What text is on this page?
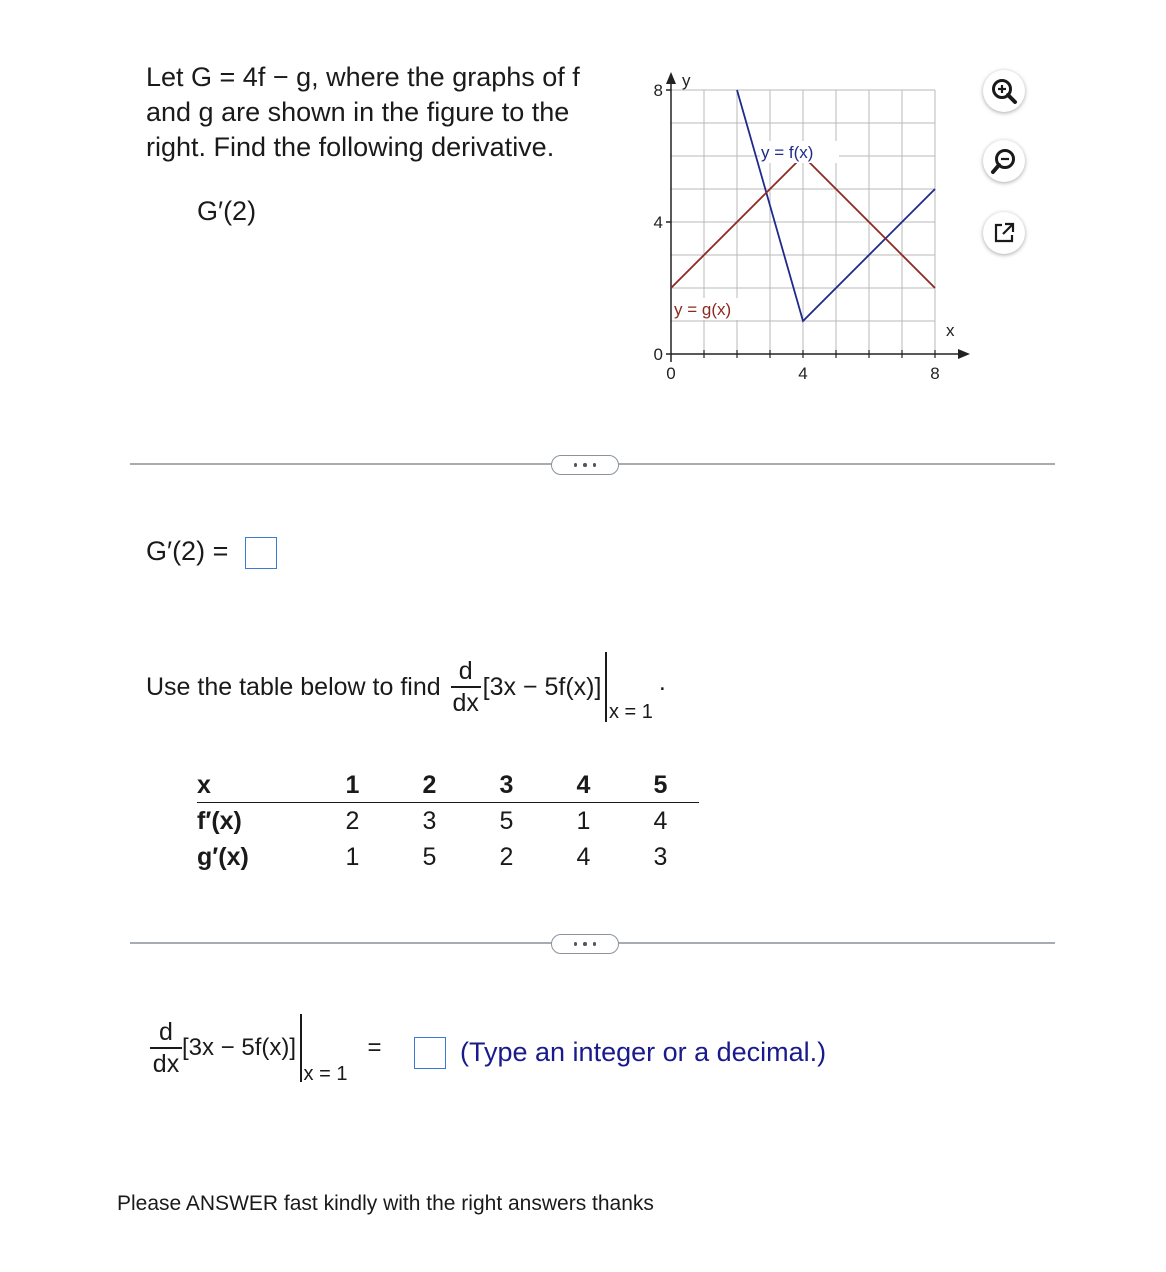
Let G = 4f − g, where the graphs of f
and g are shown in the figure to the
right. Find the following derivative.
G′(2)
y
x
8
4
0
0	4	8
y = f(x)
y = g(x)
G′(2) =
Use the table below to find $\frac{d}{dx} [3x - 5f(x)]$
x = 1
.
x	1	2	3	4	5
f′(x)	2	3	5	1	4
g′(x)	1	5	2	4	3
$\frac{d}{dx} [3x - 5f(x)]$
x = 1
=	(Type an integer or a decimal.)
Please ANSWER fast kindly with the right answers thanks
